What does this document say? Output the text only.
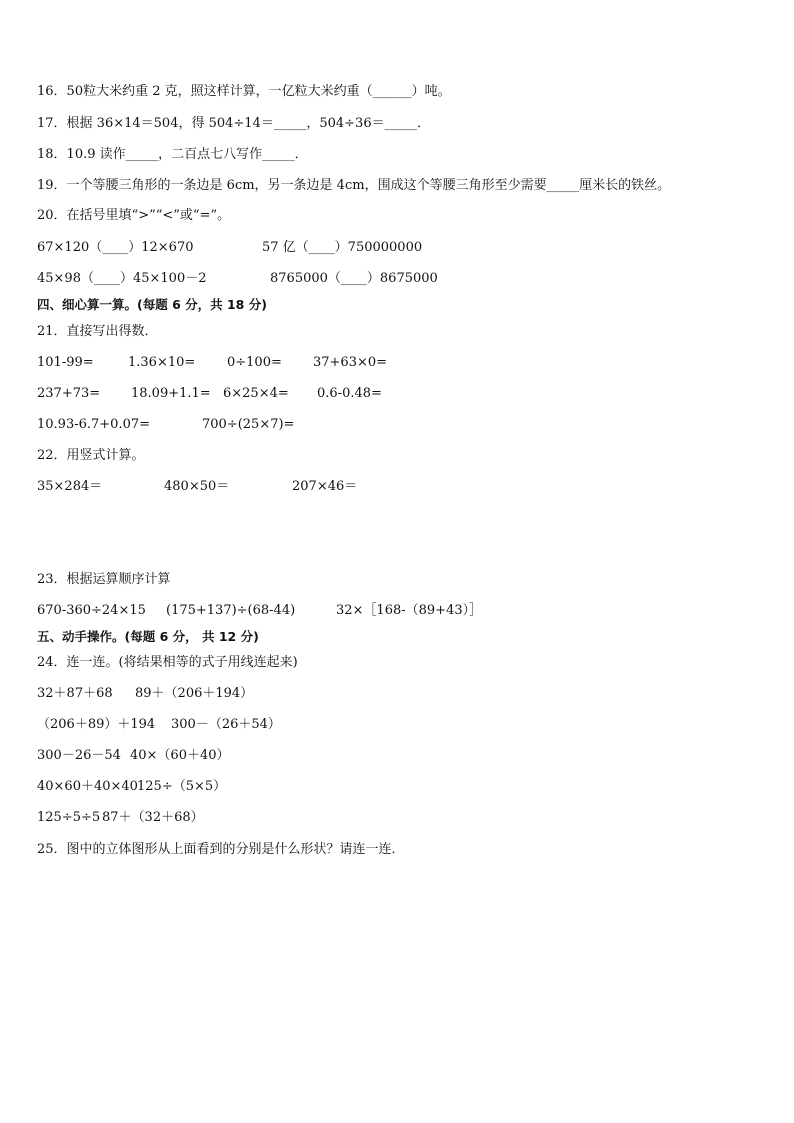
16．50粒大米约重 2 克，照这样计算，一亿粒大米约重（______）吨。
17．根据 36×14＝504，得 504÷14＝_____，504÷36＝_____．
18．10.9 读作_____，二百点七八写作_____．
19．一个等腰三角形的一条边是 6cm，另一条边是 4cm，围成这个等腰三角形至少需要_____厘米长的铁丝。
20．在括号里填“>”“<”或“=”。
67×120（____）12×670	57 亿（____）750000000
45×98（____）45×100－2	8765000（____）8675000
四、细心算一算。(每题 6 分，共 18 分)
21．直接写出得数．
101-99=	1.36×10= 0÷100= 37+63×0=
237+73= 18.09+1.1= 6×25×4= 0.6-0.48=
10.93-6.7+0.07=	700÷(25×7)=
22．用竖式计算。
35×284＝	480×50＝	207×46＝
23．根据运算顺序计算
670-360÷24×15 (175+137)÷(68-44)	32×［168-（89+43）］
五、动手操作。(每题 6 分， 共 12 分)
24．连一连。(将结果相等的式子用线连起来)
32＋87＋68 89＋（206＋194）
（206＋89）＋194 300－（26＋54）
300－26－54 40×（60＋40）
40×60＋40×40 125÷（5×5）
125÷5÷5 87＋（32＋68）
25．图中的立体图形从上面看到的分别是什么形状？请连一连．
